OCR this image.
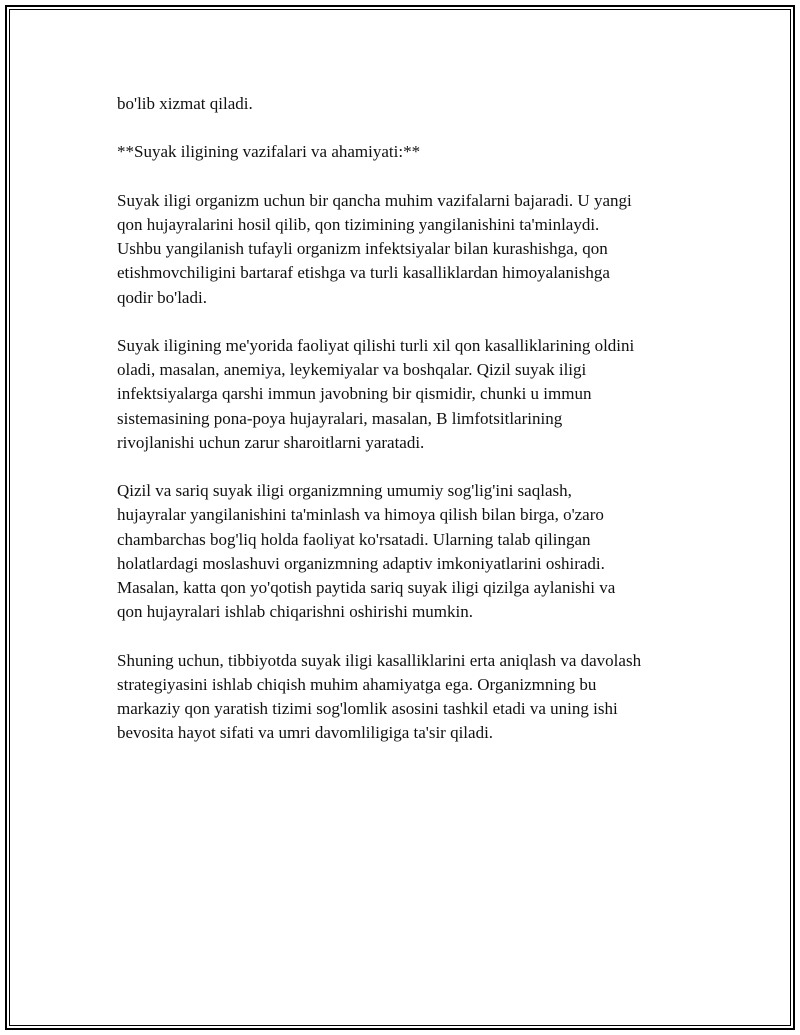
bo'lib xizmat qiladi.

**Suyak iligining vazifalari va ahamiyati:**

Suyak iligi organizm uchun bir qancha muhim vazifalarni bajaradi. U yangi
qon hujayralarini hosil qilib, qon tizimining yangilanishini ta'minlaydi.
Ushbu yangilanish tufayli organizm infektsiyalar bilan kurashishga, qon
etishmovchiligini bartaraf etishga va turli kasalliklardan himoyalanishga
qodir bo'ladi.

Suyak iligining me'yorida faoliyat qilishi turli xil qon kasalliklarining oldini
oladi, masalan, anemiya, leykemiyalar va boshqalar. Qizil suyak iligi
infektsiyalarga qarshi immun javobning bir qismidir, chunki u immun
sistemasining pona-poya hujayralari, masalan, B limfotsitlarining
rivojlanishi uchun zarur sharoitlarni yaratadi.

Qizil va sariq suyak iligi organizmning umumiy sog'lig'ini saqlash,
hujayralar yangilanishini ta'minlash va himoya qilish bilan birga, o'zaro
chambarchas bog'liq holda faoliyat ko'rsatadi. Ularning talab qilingan
holatlardagi moslashuvi organizmning adaptiv imkoniyatlarini oshiradi.
Masalan, katta qon yo'qotish paytida sariq suyak iligi qizilga aylanishi va
qon hujayralari ishlab chiqarishni oshirishi mumkin.

Shuning uchun, tibbiyotda suyak iligi kasalliklarini erta aniqlash va davolash
strategiyasini ishlab chiqish muhim ahamiyatga ega. Organizmning bu
markaziy qon yaratish tizimi sog'lomlik asosini tashkil etadi va uning ishi
bevosita hayot sifati va umri davomliligiga ta'sir qiladi.
